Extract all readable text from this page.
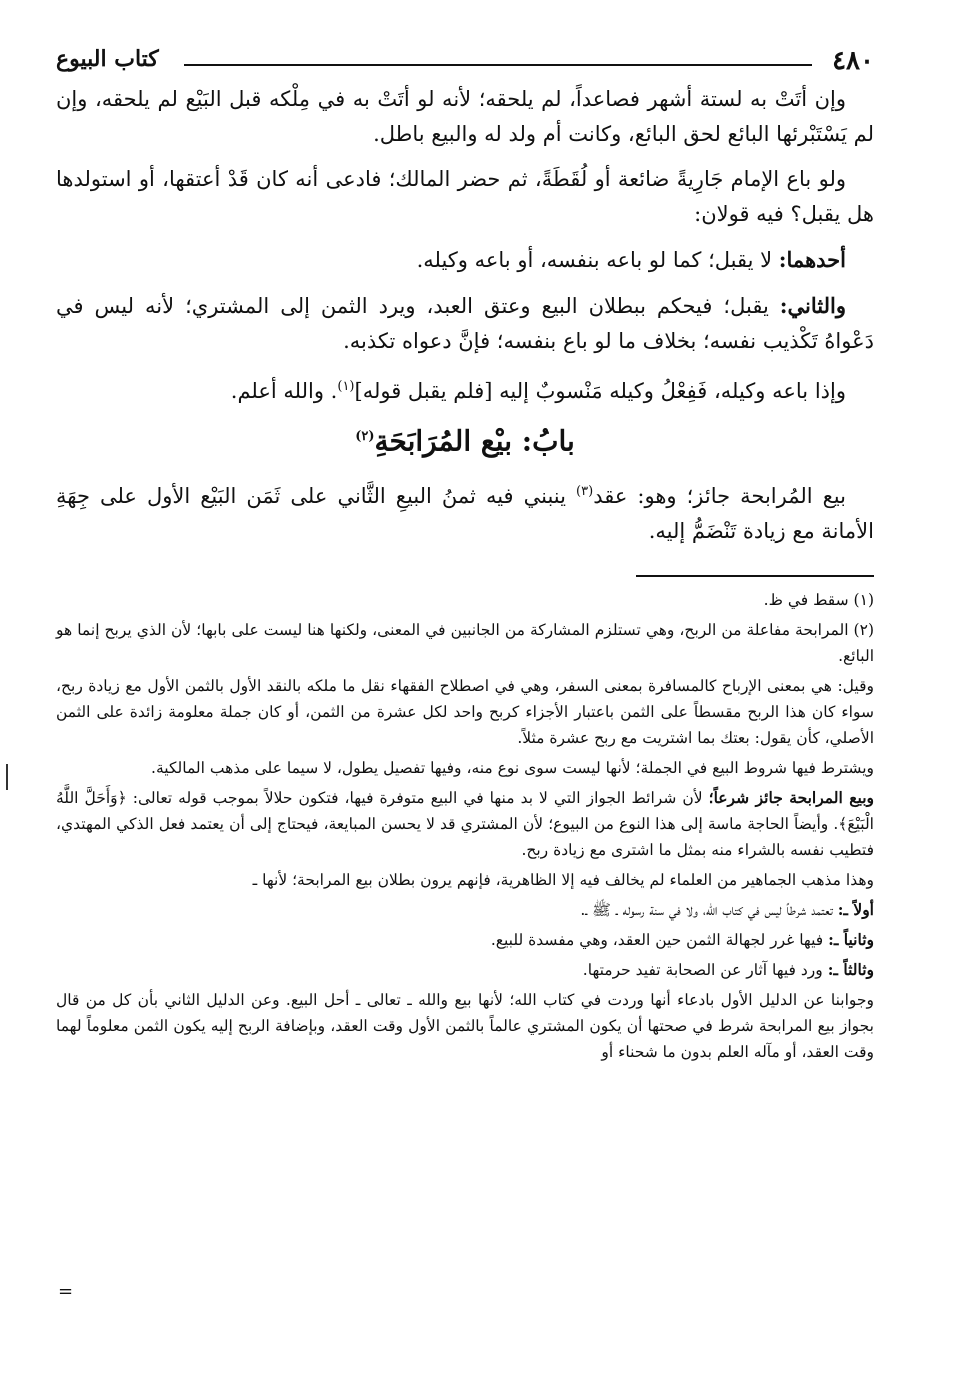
٤٨٠
كتاب البيوع

وإن أتَتْ به لستة أشهر فصاعداً، لم يلحقه؛ لأنه لو أتَتْ به في مِلْكه قبل البَيْع لم يلحقه، وإن لم يَسْتَبْرئها البائع لحق البائع، وكانت أم ولد له والبيع باطل.

ولو باع الإمام جَارِيةً ضائعة أو لُقَطَةً، ثم حضر المالك؛ فادعى أنه كان قَدْ أعتقها، أو استولدها هل يقبل؟ فيه قولان:

أحدهما: لا يقبل؛ كما لو باعه بنفسه، أو باعه وكيله.

والثاني: يقبل؛ فيحكم ببطلان البيع وعتق العبد، ويرد الثمن إلى المشتري؛ لأنه ليس في دَعْواهُ تَكْذيب نفسه؛ بخلاف ما لو باع بنفسه؛ فإنَّ دعواه تكذبه.

وإذا باعه وكيله، فَفِعْلُ وكيله مَنْسوبٌ إليه [فلم يقبل قوله]$^{(١)}$. والله أعلم.

بابُ: بيْع المُرَابَحَةِ$^{(٢)}$

بيع المُرابحة جائز؛ وهو: عقد$^{(٣)}$ ينبني فيه ثمنُ البيعِ الثَّاني على ثَمَن البَيْع الأول على جِهَةِ الأمانة مع زيادة تَنْضَمُّ إليه.

(١) سقط في ظ.

(٢) المرابحة مفاعلة من الربح، وهي تستلزم المشاركة من الجانبين في المعنى، ولكنها هنا ليست على بابها؛ لأن الذي يربح إنما هو البائع.

وقيل: هي بمعنى الإرباح كالمسافرة بمعنى السفر، وهي في اصطلاح الفقهاء نقل ما ملكه بالنقد الأول بالثمن الأول مع زيادة ربح، سواء كان هذا الربح مقسطاً على الثمن باعتبار الأجزاء كربح واحد لكل عشرة من الثمن، أو كان جملة معلومة زائدة على الثمن الأصلي، كأن يقول: بعتك بما اشتريت مع ربح عشرة مثلاً.

ويشترط فيها شروط البيع في الجملة؛ لأنها ليست سوى نوع منه، وفيها تفصيل يطول، لا سيما على مذهب المالكية.

وبيع المرابحة جائز شرعاً؛ لأن شرائط الجواز التي لا بد منها في البيع متوفرة فيها، فتكون حلالاً بموجب قوله تعالى: ﴿وَأَحَلَّ اللَّهُ الْبَيْعَ﴾. وأيضاً الحاجة ماسة إلى هذا النوع من البيوع؛ لأن المشتري قد لا يحسن المبايعة، فيحتاج إلى أن يعتمد فعل الذكي المهتدي، فتطيب نفسه بالشراء منه بمثل ما اشترى مع زيادة ربح.

وهذا مذهب الجماهير من العلماء لم يخالف فيه إلا الظاهرية، فإنهم يرون بطلان بيع المرابحة؛ لأنها ـ

أولاً ـ: تعتمد شرطاً ليس في كتاب الله، ولا في سنة رسوله ـ ﷺ ـ.

وثانياً ـ: فيها غرر لجهالة الثمن حين العقد، وهي مفسدة للبيع.

وثالثاً ـ: ورد فيها آثار عن الصحابة تفيد حرمتها.

وجوابنا عن الدليل الأول بادعاء أنها وردت في كتاب الله؛ لأنها بيع والله ـ تعالى ـ أحل البيع. وعن الدليل الثاني بأن كل من قال بجواز بيع المرابحة شرط في صحتها أن يكون المشتري عالماً بالثمن الأول وقت العقد، وبإضافة الربح إليه يكون الثمن معلوماً لهما وقت العقد، أو مآله العلم بدون ما شحناء أو

=
